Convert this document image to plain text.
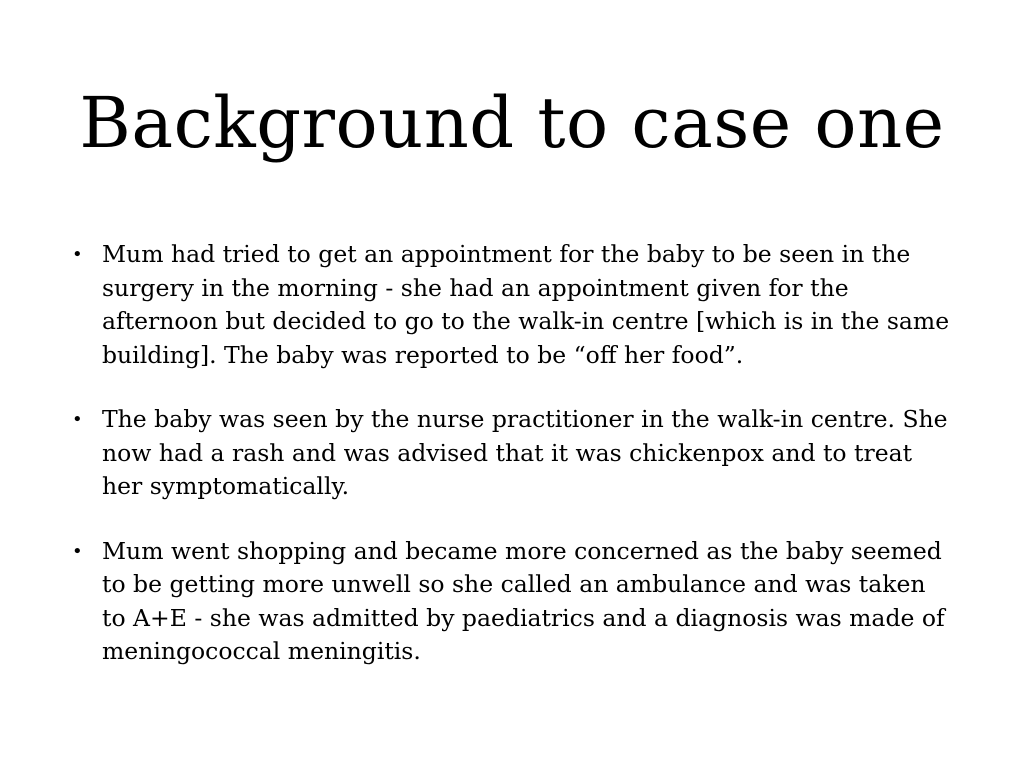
Background to case one
• Mum had tried to get an appointment for the baby to be seen in the surgery in the morning - she had an appointment given for the afternoon but decided to go to the walk-in centre [which is in the same building]. The baby was reported to be “off her food”.
• The baby was seen by the nurse practitioner in the walk-in centre. She now had a rash and was advised that it was chickenpox and to treat her symptomatically.
• Mum went shopping and became more concerned as the baby seemed to be getting more unwell so she called an ambulance and was taken to A+E - she was admitted by paediatrics and a diagnosis was made of meningococcal meningitis.
